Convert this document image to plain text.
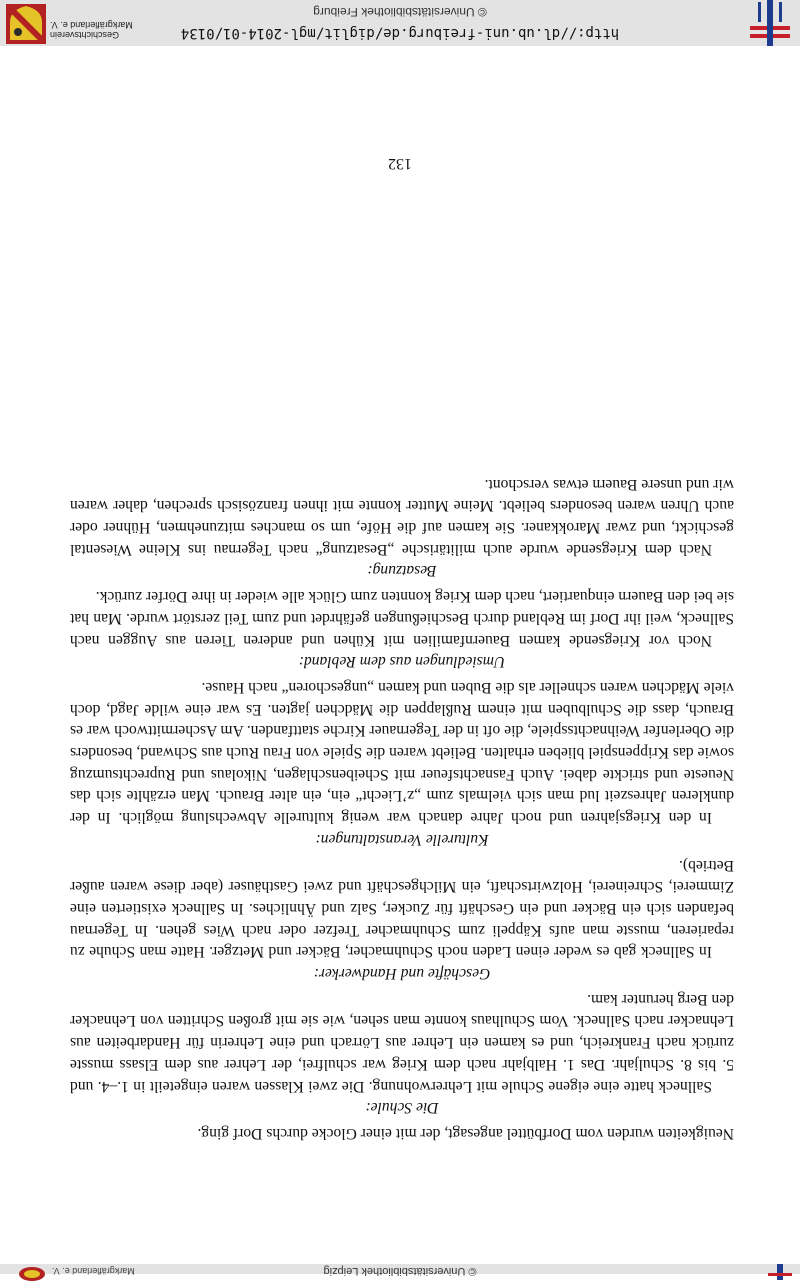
http://dl.ub.uni-freiburg.de/diglit/mgl-2014-01/0134
© Universitätsbibliothek Freiburg
Geschichtsverein
Markgräflerland e. V.
© Universitätsbibliothek Leipzig
Markgräflerland e. V.

Neuigkeiten wurden vom Dorfbüttel angesagt, der mit einer Glocke durchs Dorf ging.

Die Schule:

Sallneck hatte eine eigene Schule mit Lehrerwohnung. Die zwei Klassen waren eingeteilt in 1.–4. und 5. bis 8. Schuljahr. Das 1. Halbjahr nach dem Krieg war schulfrei, der Lehrer aus dem Elsass musste zurück nach Frankreich, und es kamen ein Lehrer aus Lörrach und eine Lehrerin für Handarbeiten aus Lehnacker nach Sallneck. Vom Schulhaus konnte man sehen, wie sie mit großen Schritten von Lehnacker den Berg herunter kam.

Geschäfte und Handwerker:

In Sallneck gab es weder einen Laden noch Schuhmacher, Bäcker und Metzger. Hatte man Schuhe zu reparieren, musste man aufs Käppeli zum Schuhmacher Trefzer oder nach Wies gehen. In Tegernau befanden sich ein Bäcker und ein Geschäft für Zucker, Salz und Ähnliches. In Sallneck existierten eine Zimmerei, Schreinerei, Holzwirtschaft, ein Milchgeschäft und zwei Gasthäuser (aber diese waren außer Betrieb).

Kulturelle Veranstaltungen:

In den Kriegsjahren und noch Jahre danach war wenig kulturelle Abwechslung möglich. In der dunkleren Jahreszeit lud man sich vielmals zum „z’Liecht“ ein, ein alter Brauch. Man erzählte sich das Neueste und strickte dabei. Auch Fasnachtsfeuer mit Scheibenschlagen, Nikolaus und Ruprechtsumzug sowie das Krippenspiel blieben erhalten. Beliebt waren die Spiele von Frau Ruch aus Schwand, besonders die Oberlenfer Weihnachtsspiele, die oft in der Tegernauer Kirche stattfanden. Am Aschermittwoch war es Brauch, dass die Schulbuben mit einem Rußlappen die Mädchen jagten. Es war eine wilde Jagd, doch viele Mädchen waren schneller als die Buben und kamen „ungeschoren“ nach Hause.

Umsiedlungen aus dem Rebland:

Noch vor Kriegsende kamen Bauernfamilien mit Kühen und anderen Tieren aus Auggen nach Sallneck, weil ihr Dorf im Rebland durch Beschießungen gefährdet und zum Teil zerstört wurde. Man hat sie bei den Bauern einquartiert, nach dem Krieg konnten zum Glück alle wieder in ihre Dörfer zurück.

Besatzung:

Nach dem Kriegsende wurde auch militärische „Besatzung“ nach Tegernau ins Kleine Wiesental geschickt, und zwar Marokkaner. Sie kamen auf die Höfe, um so manches mitzunehmen, Hühner oder auch Uhren waren besonders beliebt. Meine Mutter konnte mit ihnen französisch sprechen, daher waren wir und unsere Bauern etwas verschont.

132
